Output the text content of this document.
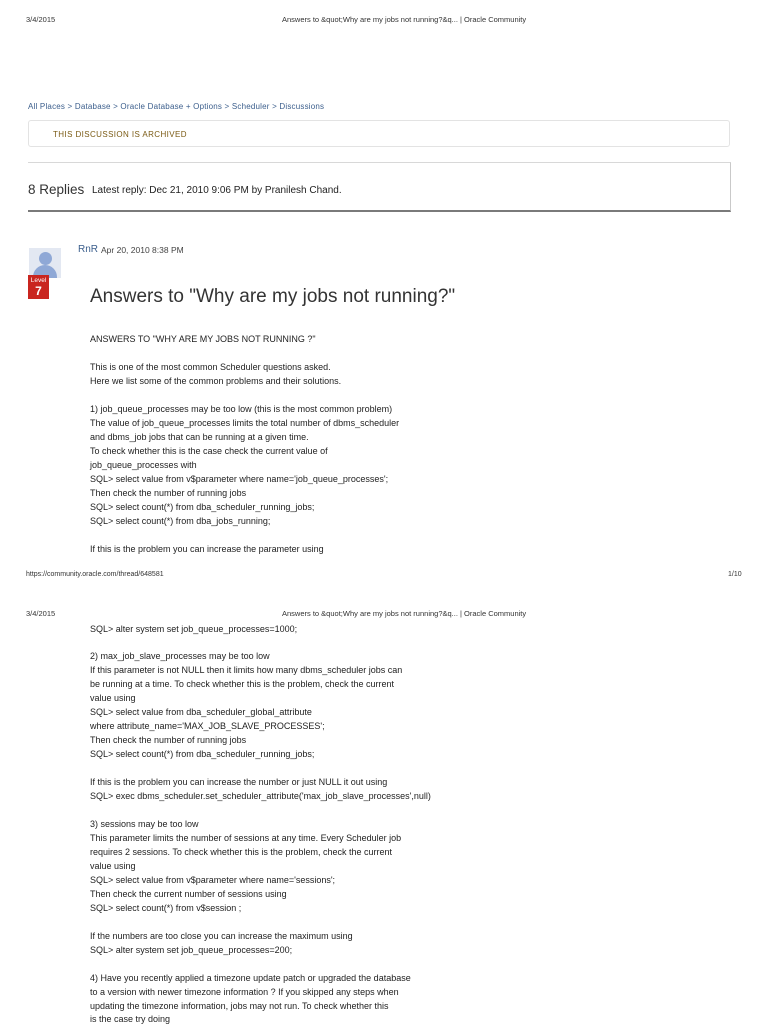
3/4/2015	Answers to &quot;Why are my jobs not running?&q... | Oracle Community
All Places > Database > Oracle Database + Options > Scheduler > Discussions
THIS DISCUSSION IS ARCHIVED
8 Replies Latest reply: Dec 21, 2010 9:06 PM by Pranilesh Chand.
Level
7
RnR Apr 20, 2010 8:38 PM
Answers to "Why are my jobs not running?"
ANSWERS TO "WHY ARE MY JOBS NOT RUNNING ?"
This is one of the most common Scheduler questions asked.
Here we list some of the common problems and their solutions.
1) job_queue_processes may be too low (this is the most common problem)
The value of job_queue_processes limits the total number of dbms_scheduler
and dbms_job jobs that can be running at a given time.
To check whether this is the case check the current value of
job_queue_processes with
SQL> select value from v$parameter where name='job_queue_processes';
Then check the number of running jobs
SQL> select count(*) from dba_scheduler_running_jobs;
SQL> select count(*) from dba_jobs_running;
If this is the problem you can increase the parameter using
https://community.oracle.com/thread/648581	1/10
3/4/2015	Answers to &quot;Why are my jobs not running?&q... | Oracle Community
SQL> alter system set job_queue_processes=1000;
2) max_job_slave_processes may be too low
If this parameter is not NULL then it limits how many dbms_scheduler jobs can
be running at a time. To check whether this is the problem, check the current
value using
SQL> select value from dba_scheduler_global_attribute
where attribute_name='MAX_JOB_SLAVE_PROCESSES';
Then check the number of running jobs
SQL> select count(*) from dba_scheduler_running_jobs;
If this is the problem you can increase the number or just NULL it out using
SQL> exec dbms_scheduler.set_scheduler_attribute('max_job_slave_processes',null)
3) sessions may be too low
This parameter limits the number of sessions at any time. Every Scheduler job
requires 2 sessions. To check whether this is the problem, check the current
value using
SQL> select value from v$parameter where name='sessions';
Then check the current number of sessions using
SQL> select count(*) from v$session ;
If the numbers are too close you can increase the maximum using
SQL> alter system set job_queue_processes=200;
4) Have you recently applied a timezone update patch or upgraded the database
to a version with newer timezone information ? If you skipped any steps when
updating the timezone information, jobs may not run. To check whether this
is the case try doing
